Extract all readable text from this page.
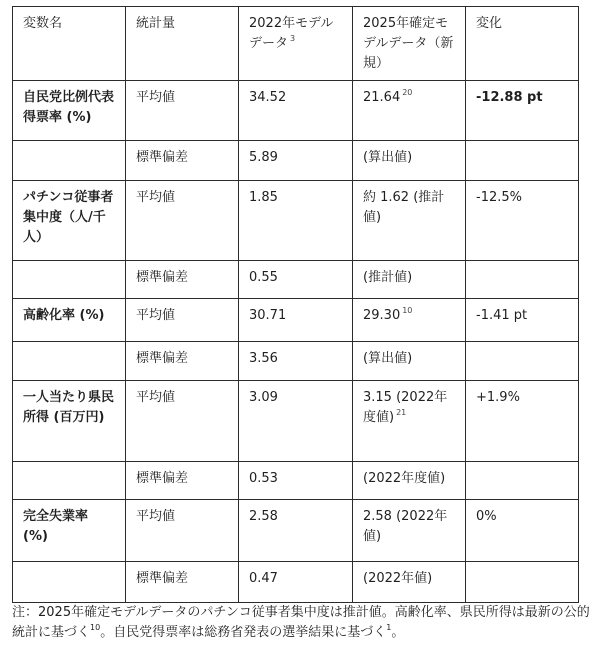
変数名	統計量	2022年モデルデータ $^3$	2025年確定モデルデータ（新規）	変化
自民党比例代表得票率 (%)	平均値	34.52	21.64 $^{20}$	-12.88 pt
	標準偏差	5.89	(算出値)	
パチンコ従事者集中度（人/千人）	平均値	1.85	約 1.62 (推計値)	-12.5%
	標準偏差	0.55	(推計値)	
高齢化率 (%)	平均値	30.71	29.30 $^{10}$	-1.41 pt
	標準偏差	3.56	(算出値)	
一人当たり県民所得 (百万円)	平均値	3.09	3.15 (2022年度値) $^{21}$	+1.9%
	標準偏差	0.53	(2022年度値)	
完全失業率 (%)	平均値	2.58	2.58 (2022年値)	0%
	標準偏差	0.47	(2022年値)	
注：2025年確定モデルデータのパチンコ従事者集中度は推計値。高齢化率、県民所得は最新の公的統計に基づく$^{10}$。自民党得票率は総務省発表の選挙結果に基づく$^1$。
